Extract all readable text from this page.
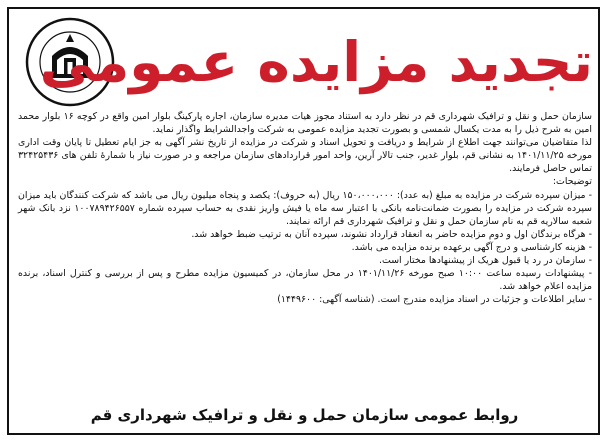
تجدید مزایده عمومی

سازمان حمل و نقل و ترافیک شهرداری قم در نظر دارد به استناد مجوز هیات مدیره سازمان، اجاره پارکینگ بلوار امین واقع در کوچه ۱۶ بلوار محمد امین به شرح ذیل را به مدت یکسال شمسی و بصورت تجدید مزایده عمومی به شرکت واجدالشرایط واگذار نماید.

لذا متقاضیان می‌توانند جهت اطلاع از شرایط و دریافت و تحویل اسناد و شرکت در مزایده از تاریخ نشر آگهی به جز ایام تعطیل تا پایان وقت اداری مورخه ۱۴۰۱/۱۱/۲۵ به نشانی قم، بلوار غدیر، جنب تالار آرین، واحد امور قراردادهای سازمان مراجعه و در صورت نیاز با شمارهٔ تلفن های ۳۲۴۲۵۴۳۶ تماس حاصل فرمایند.

توضیحات:

- میزان سپرده شرکت در مزایده به مبلغ (به عدد): ۱۵۰،۰۰۰،۰۰۰ ریال (به حروف): یکصد و پنجاه میلیون ریال می باشد که شرکت کنندگان باید میزان سپرده شرکت در مزایده را بصورت ضمانت‌نامه بانکی با اعتبار سه ماه یا فیش واریز نقدی به حساب سپرده شماره ۱۰۰۷۸۹۴۲۶۵۵۷ نزد بانک شهر شعبه سالاریه قم به نام سازمان حمل و نقل و ترافیک شهرداری قم ارائه نمایند.

- هرگاه برندگان اول و دوم مزایده حاضر به انعقاد قرارداد نشوند، سپرده آنان به ترتیب ضبط خواهد شد.

- هزینه کارشناسی و درج آگهی برعهده برنده مزایده می باشد.

- سازمان در رد یا قبول هریک از پیشنهادها مختار است.

- پیشنهادات رسیده ساعت ۱۰:۰۰ صبح مورخه ۱۴۰۱/۱۱/۲۶ در محل سازمان، در کمیسیون مزایده مطرح و پس از بررسی و کنترل اسناد، برنده مزایده اعلام خواهد شد.

- سایر اطلاعات و جزئیات در اسناد مزایده مندرج است. (شناسه آگهی: ۱۴۴۹۶۰۰)

روابط عمومی سازمان حمل و نقل و ترافیک شهرداری قم
